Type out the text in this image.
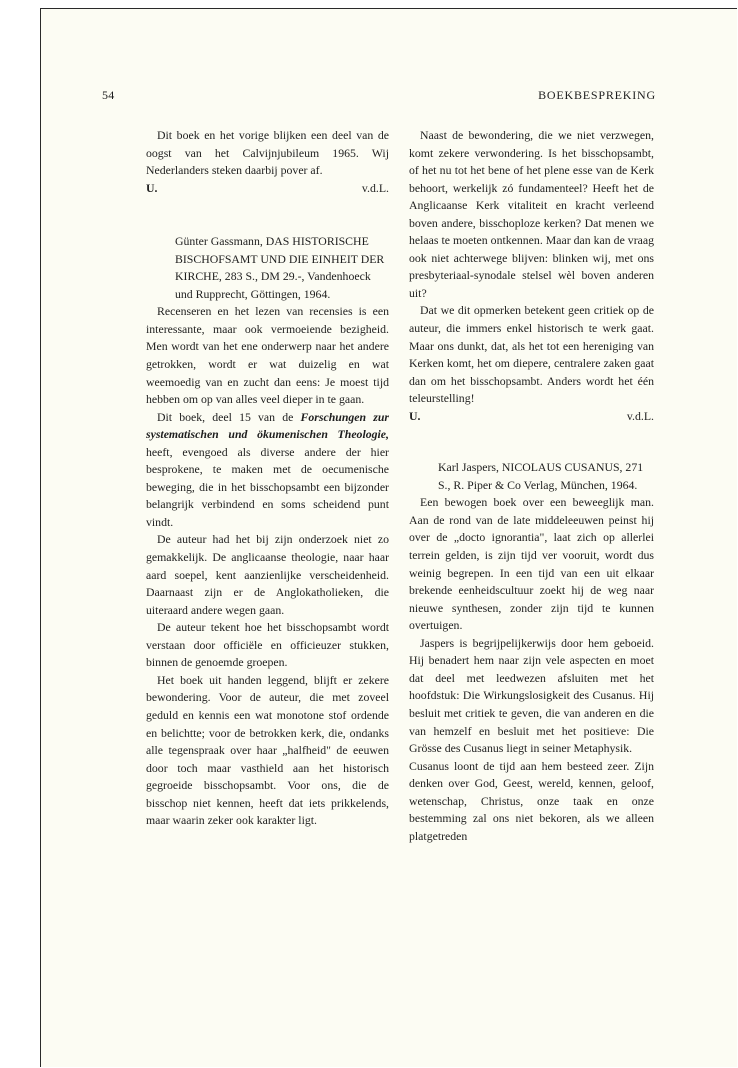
54	BOEKBESPREKING

Dit boek en het vorige blijken een deel van de oogst van het Calvijnjubileum 1965. Wij Nederlanders steken daarbij pover af.

U.	v.d.L.
Günter Gassmann, DAS HISTORISCHE BISCHOFSAMT UND DIE EINHEIT DER KIRCHE, 283 S., DM 29.-, Vandenhoeck und Rupprecht, Göttingen, 1964.

Recenseren en het lezen van recensies is een interessante, maar ook vermoeiende bezigheid. Men wordt van het ene onderwerp naar het andere getrokken, wordt er wat duizelig en wat weemoedig van en zucht dan eens: Je moest tijd hebben om op van alles veel dieper in te gaan.

Dit boek, deel 15 van de Forschungen zur systematischen und ökumenischen Theologie, heeft, evengoed als diverse andere der hier besprokene, te maken met de oecumenische beweging, die in het bisschopsambt een bijzonder belangrijk verbindend en soms scheidend punt vindt.

De auteur had het bij zijn onderzoek niet zo gemakkelijk. De anglicaanse theologie, naar haar aard soepel, kent aanzienlijke verscheidenheid. Daarnaast zijn er de Anglokatholieken, die uiteraard andere wegen gaan.

De auteur tekent hoe het bisschopsambt wordt verstaan door officiële en officieuzer stukken, binnen de genoemde groepen.

Het boek uit handen leggend, blijft er zekere bewondering. Voor de auteur, die met zoveel geduld en kennis een wat monotone stof ordende en belichtte; voor de betrokken kerk, die, ondanks alle tegenspraak over haar „halfheid" de eeuwen door toch maar vasthield aan het historisch gegroeide bisschopsambt. Voor ons, die de bisschop niet kennen, heeft dat iets prikkelends, maar waarin zeker ook karakter ligt.

Naast de bewondering, die we niet verzwegen, komt zekere verwondering. Is het bisschopsambt, of het nu tot het bene of het plene esse van de Kerk behoort, werkelijk zó fundamenteel? Heeft het de Anglicaanse Kerk vitaliteit en kracht verleend boven andere, bisschoploze kerken? Dat menen we helaas te moeten ontkennen. Maar dan kan de vraag ook niet achterwege blijven: blinken wij, met ons presbyteriaal-synodale stelsel wèl boven anderen uit?

Dat we dit opmerken betekent geen critiek op de auteur, die immers enkel historisch te werk gaat. Maar ons dunkt, dat, als het tot een hereniging van Kerken komt, het om diepere, centralere zaken gaat dan om het bisschopsambt. Anders wordt het één teleurstelling!

U.	v.d.L.
Karl Jaspers, NICOLAUS CUSANUS, 271 S., R. Piper & Co Verlag, München, 1964.

Een bewogen boek over een beweeglijk man. Aan de rond van de late middeleeuwen peinst hij over de „docto ignorantia", laat zich op allerlei terrein gelden, is zijn tijd ver vooruit, wordt dus weinig begrepen. In een tijd van een uit elkaar brekende eenheidscultuur zoekt hij de weg naar nieuwe synthesen, zonder zijn tijd te kunnen overtuigen.

Jaspers is begrijpelijkerwijs door hem geboeid. Hij benadert hem naar zijn vele aspecten en moet dat deel met leedwezen afsluiten met het hoofdstuk: Die Wirkungslosigkeit des Cusanus. Hij besluit met critiek te geven, die van anderen en die van hemzelf en besluit met het positieve: Die Grösse des Cusanus liegt in seiner Metaphysik.

Cusanus loont de tijd aan hem besteed zeer. Zijn denken over God, Geest, wereld, kennen, geloof, wetenschap, Christus, onze taak en onze bestemming zal ons niet bekoren, als we alleen platgetreden
